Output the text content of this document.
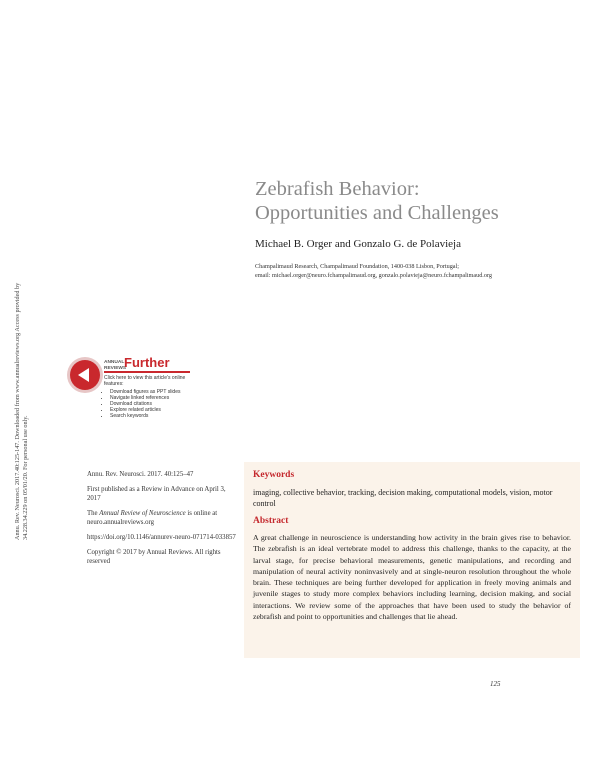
Annu. Rev. Neurosci. 2017.40:125-147. Downloaded from www.annualreviews.org Access provided by 34.228.34.229 on 05/01/20. For personal use only.
Zebrafish Behavior:
Opportunities and Challenges
Michael B. Orger and Gonzalo G. de Polavieja
Champalimaud Research, Champalimaud Foundation, 1400-038 Lisbon, Portugal;
email: michael.orger@neuro.fchampalimaud.org, gonzalo.polavieja@neuro.fchampalimaud.org
ANNUAL
REVIEWS
Further
Click here to view this article's online features:
• Download figures as PPT slides
• Navigate linked references
• Download citations
• Explore related articles
• Search keywords

Annu. Rev. Neurosci. 2017. 40:125–47

First published as a Review in Advance on April 3, 2017

The Annual Review of Neuroscience is online at neuro.annualreviews.org

https://doi.org/10.1146/annurev-neuro-071714-033857

Copyright © 2017 by Annual Reviews. All rights reserved

Keywords
imaging, collective behavior, tracking, decision making, computational models, vision, motor control
Abstract
A great challenge in neuroscience is understanding how activity in the brain gives rise to behavior. The zebrafish is an ideal vertebrate model to address this challenge, thanks to the capacity, at the larval stage, for precise behavioral measurements, genetic manipulations, and recording and manipulation of neural activity noninvasively and at single-neuron resolution throughout the whole brain. These techniques are being further developed for application in freely moving animals and juvenile stages to study more complex behaviors including learning, decision making, and social interactions. We review some of the approaches that have been used to study the behavior of zebrafish and point to opportunities and challenges that lie ahead.
125
